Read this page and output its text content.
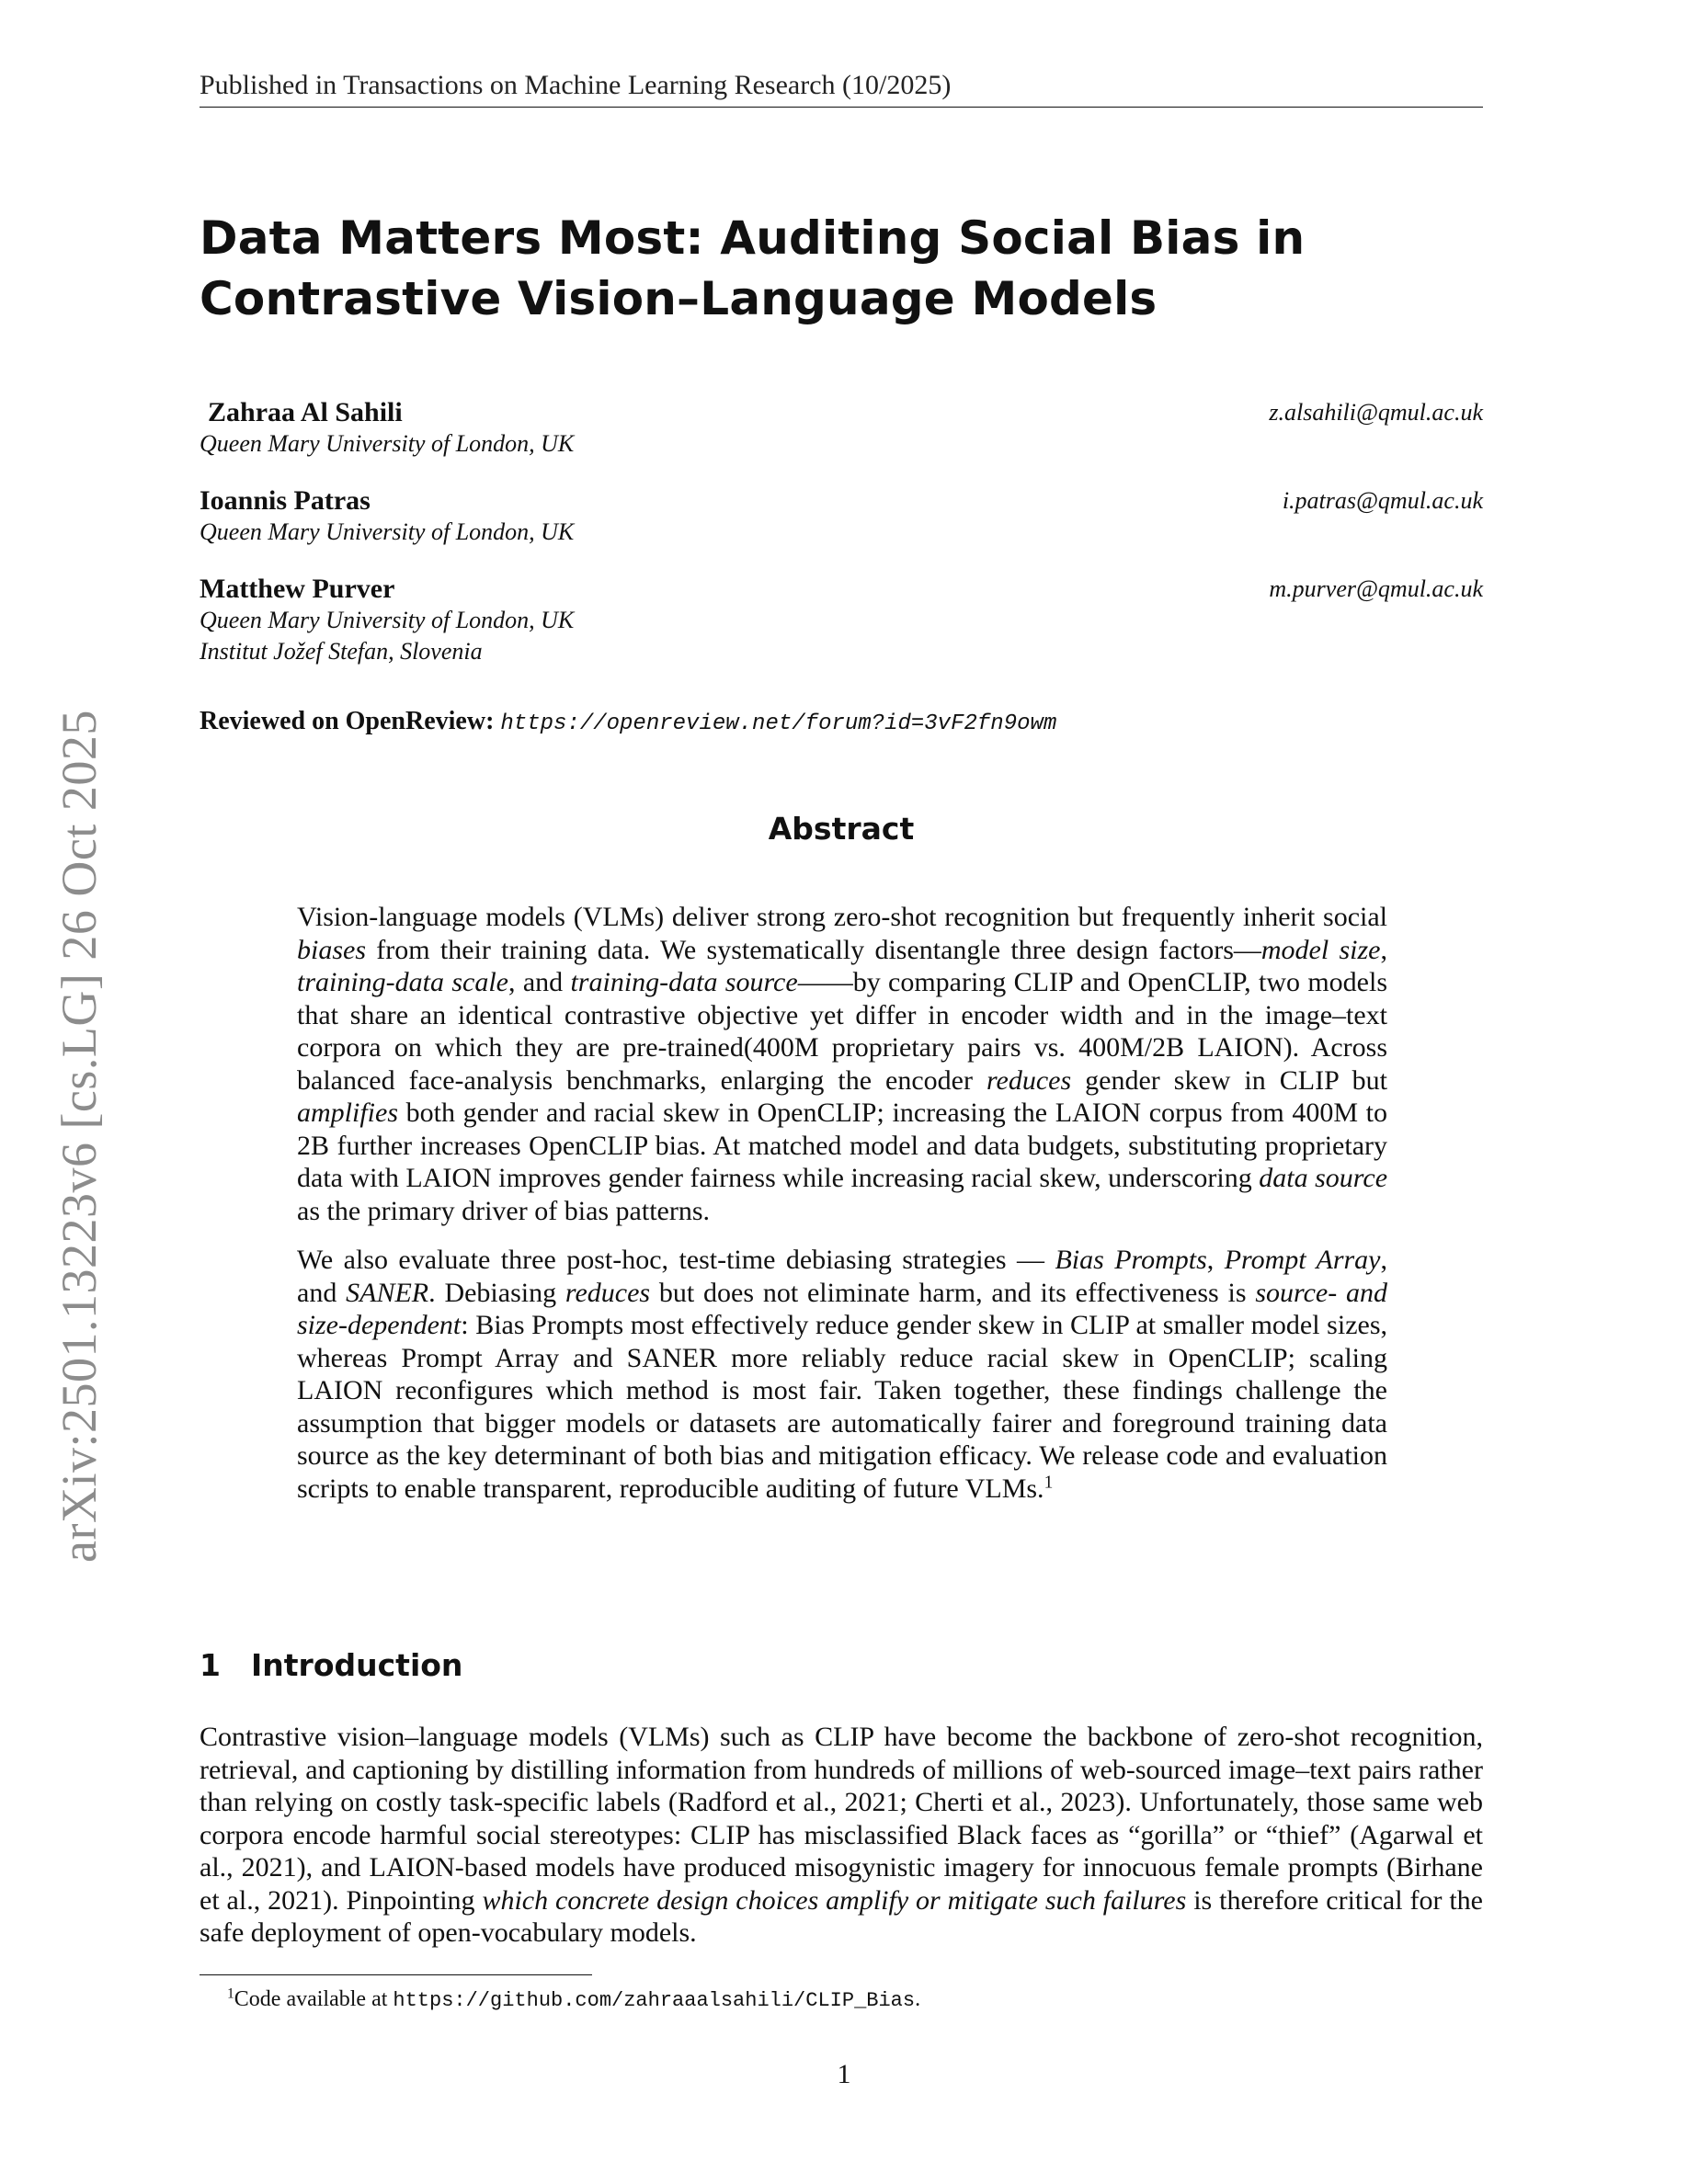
Published in Transactions on Machine Learning Research (10/2025)
arXiv:2501.13223v6 [cs.LG] 26 Oct 2025
Data Matters Most: Auditing Social Bias in Contrastive Vision–Language Models
Zahraa Al Sahili	z.alsahili@qmul.ac.uk
Queen Mary University of London, UK
Ioannis Patras	i.patras@qmul.ac.uk
Queen Mary University of London, UK
Matthew Purver	m.purver@qmul.ac.uk
Queen Mary University of London, UK
Institut Jožef Stefan, Slovenia
Reviewed on OpenReview: https://openreview.net/forum?id=3vF2fn9owm
Abstract

Vision-language models (VLMs) deliver strong zero-shot recognition but frequently inherit social biases from their training data. We systematically disentangle three design factors—model size, training-data scale, and training-data source——by comparing CLIP and OpenCLIP, two models that share an identical contrastive objective yet differ in encoder width and in the image–text corpora on which they are pre-trained(400M proprietary pairs vs. 400M/2B LAION). Across balanced face-analysis benchmarks, enlarging the encoder reduces gender skew in CLIP but amplifies both gender and racial skew in OpenCLIP; increasing the LAION corpus from 400M to 2B further increases OpenCLIP bias. At matched model and data budgets, substituting proprietary data with LAION improves gender fairness while increasing racial skew, underscoring data source as the primary driver of bias patterns.

We also evaluate three post-hoc, test-time debiasing strategies — Bias Prompts, Prompt Array, and SANER. Debiasing reduces but does not eliminate harm, and its effectiveness is source- and size-dependent: Bias Prompts most effectively reduce gender skew in CLIP at smaller model sizes, whereas Prompt Array and SANER more reliably reduce racial skew in OpenCLIP; scaling LAION reconfigures which method is most fair. Taken together, these findings challenge the assumption that bigger models or datasets are automatically fairer and foreground training data source as the key determinant of both bias and mitigation efficacy. We release code and evaluation scripts to enable transparent, reproducible auditing of future VLMs.$^1$

1 Introduction

Contrastive vision–language models (VLMs) such as CLIP have become the backbone of zero-shot recognition, retrieval, and captioning by distilling information from hundreds of millions of web-sourced image–text pairs rather than relying on costly task-specific labels (Radford et al., 2021; Cherti et al., 2023). Unfortunately, those same web corpora encode harmful social stereotypes: CLIP has misclassified Black faces as “gorilla” or “thief” (Agarwal et al., 2021), and LAION-based models have produced misogynistic imagery for innocuous female prompts (Birhane et al., 2021). Pinpointing which concrete design choices amplify or mitigate such failures is therefore critical for the safe deployment of open-vocabulary models.

$^1$Code available at https://github.com/zahraaalsahili/CLIP_Bias.
1
